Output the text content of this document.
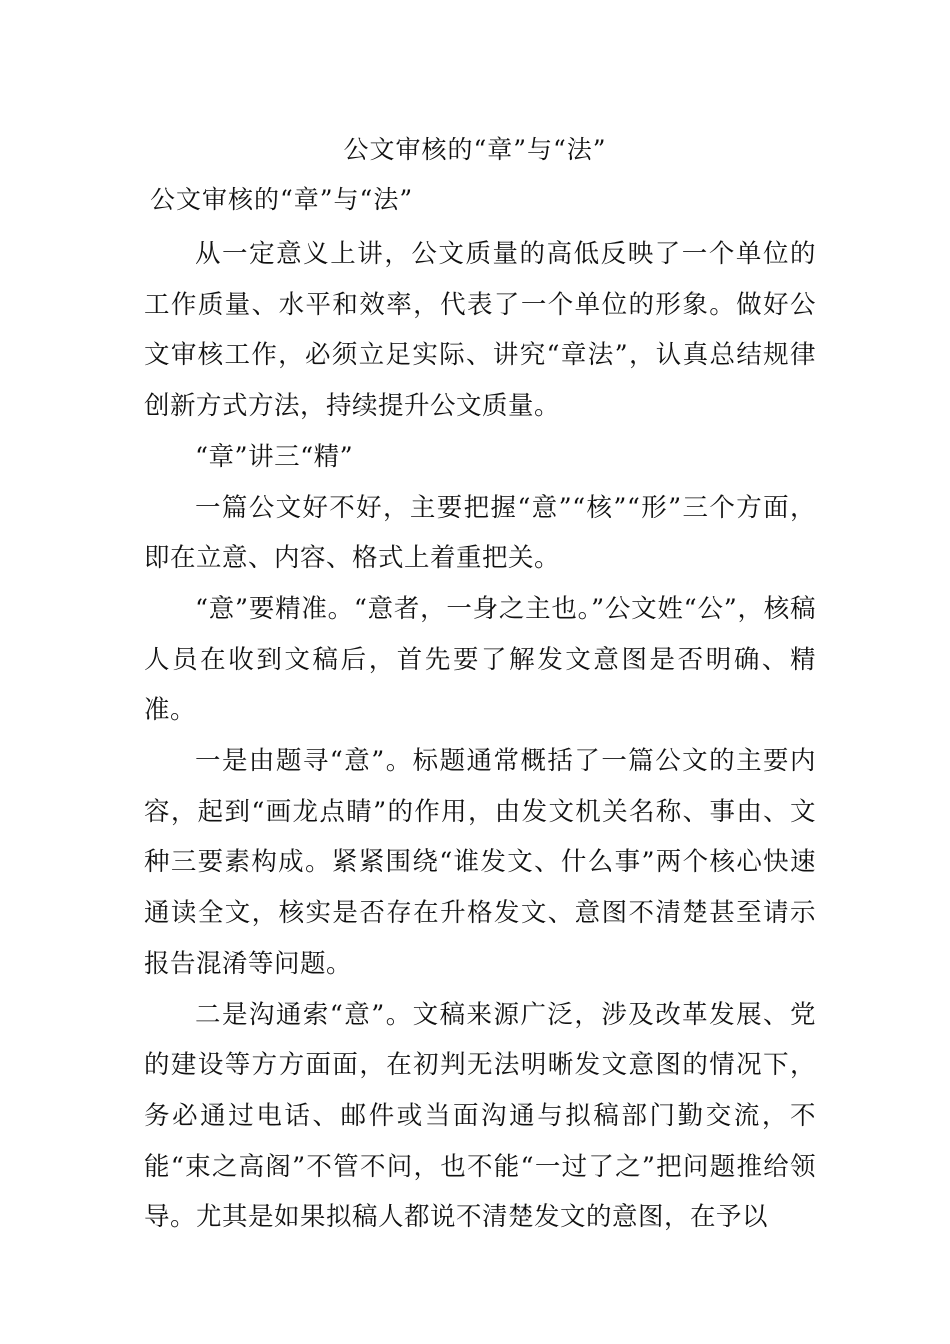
公文审核的“章”与“法”
公文审核的“章”与“法”

从一定意义上讲，公文质量的高低反映了一个单位的工作质量、水平和效率，代表了一个单位的形象。做好公文审核工作，必须立足实际、讲究“章法”，认真总结规律创新方式方法，持续提升公文质量。

“章”讲三“精”

一篇公文好不好，主要把握“意”“核”“形”三个方面，即在立意、内容、格式上着重把关。

“意”要精准。“意者，一身之主也。”公文姓“公”，核稿人员在收到文稿后，首先要了解发文意图是否明确、精准。

一是由题寻“意”。标题通常概括了一篇公文的主要内容，起到“画龙点睛”的作用，由发文机关名称、事由、文种三要素构成。紧紧围绕“谁发文、什么事”两个核心快速通读全文，核实是否存在升格发文、意图不清楚甚至请示报告混淆等问题。

二是沟通索“意”。文稿来源广泛，涉及改革发展、党的建设等方方面面，在初判无法明晰发文意图的情况下，务必通过电话、邮件或当面沟通与拟稿部门勤交流，不能“束之高阁”不管不问，也不能“一过了之”把问题推给领导。尤其是如果拟稿人都说不清楚发文的意图，在予以
